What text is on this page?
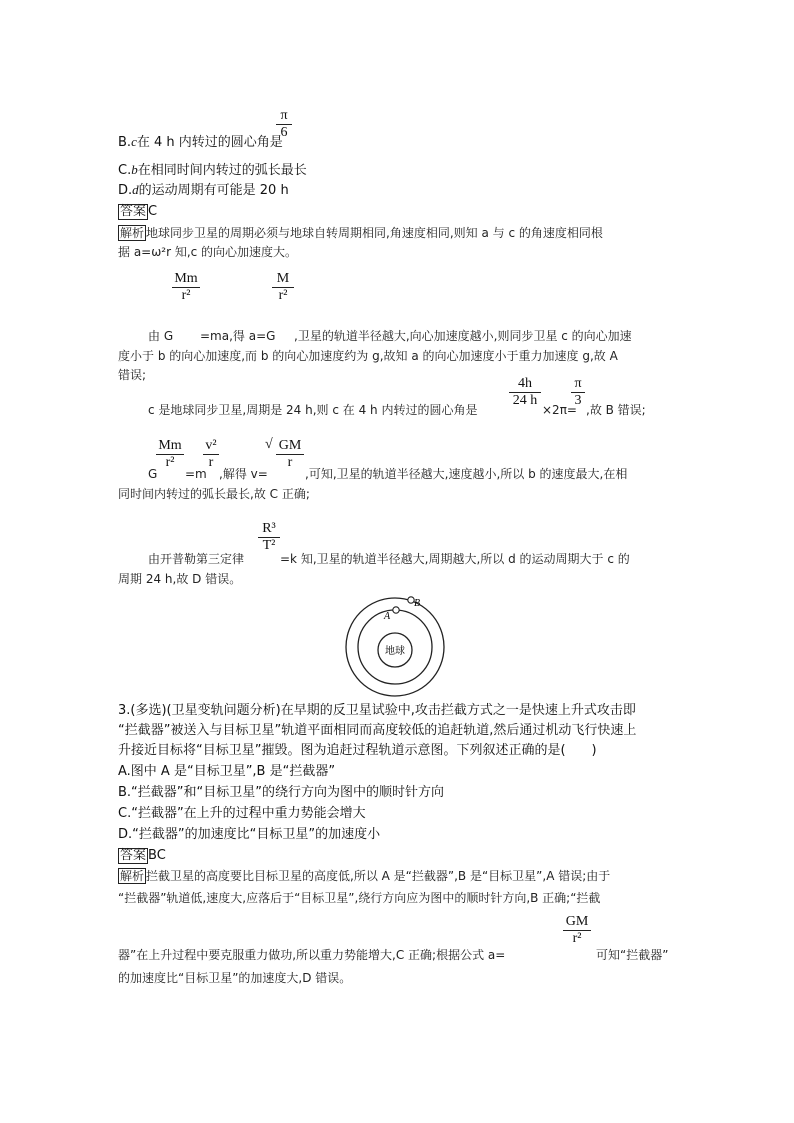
B.c在 4 h 内转过的圆心角是
π
6
C.b在相同时间内转过的弧长最长
D.d的运动周期有可能是 20 h
答案 C
解析 地球同步卫星的周期必须与地球自转周期相同,角速度相同,则知 a 与 c 的角速度相同根
据 a=ω²r 知,c 的向心加速度大。
Mm
r²
M
r²
由 G =ma,得 a=G ,卫星的轨道半径越大,向心加速度越小,则同步卫星 c 的向心加速
度小于 b 的向心加速度,而 b 的向心加速度约为 g,故知 a 的向心加速度小于重力加速度 g,故 A
错误;
4h
24 h
π
3
c 是地球同步卫星,周期是 24 h,则 c 在 4 h 内转过的圆心角是	×2π= ,故 B 错误;
Mm
r²
v²
r
√ GM
r
G =m ,解得 v=	,可知,卫星的轨道半径越大,速度越小,所以 b 的速度最大,在相
同时间内转过的弧长最长,故 C 正确;
R³
T²
由开普勒第三定律	=k 知,卫星的轨道半径越大,周期越大,所以 d 的运动周期大于 c 的
周期 24 h,故 D 错误。
地球
A
B
3.(多选)(卫星变轨问题分析)在早期的反卫星试验中,攻击拦截方式之一是快速上升式攻击即
“拦截器”被送入与目标卫星”轨道平面相同而高度较低的追赶轨道,然后通过机动飞行快速上
升接近目标将“目标卫星”摧毁。图为追赶过程轨道示意图。下列叙述正确的是(　　)
A.图中 A 是“目标卫星”,B 是“拦截器”
B.“拦截器”和“目标卫星”的绕行方向为图中的顺时针方向
C.“拦截器”在上升的过程中重力势能会增大
D.“拦截器”的加速度比“目标卫星”的加速度小
答案 BC
解析 拦截卫星的高度要比目标卫星的高度低,所以 A 是“拦截器”,B 是“目标卫星”,A 错误;由于
“拦截器”轨道低,速度大,应落后于“目标卫星”,绕行方向应为图中的顺时针方向,B 正确;“拦截
GM
r²
器”在上升过程中要克服重力做功,所以重力势能增大,C 正确;根据公式 a=	可知“拦截器”
的加速度比“目标卫星”的加速度大,D 错误。
